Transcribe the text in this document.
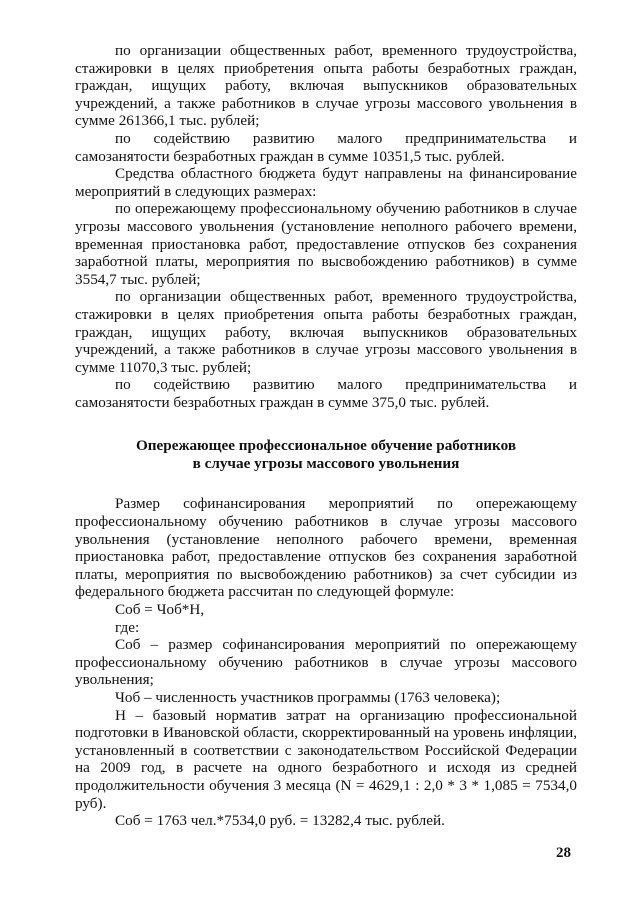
по организации общественных работ, временного трудоустройства, стажировки в целях приобретения опыта работы безработных граждан, граждан, ищущих работу, включая выпускников образовательных учреждений, а также работников в случае угрозы массового увольнения в сумме 261366,1 тыс. рублей;

по содействию развитию малого предпринимательства и самозанятости безработных граждан в сумме 10351,5 тыс. рублей.

Средства областного бюджета будут направлены на финансирование мероприятий в следующих размерах:

по опережающему профессиональному обучению работников в случае угрозы массового увольнения (установление неполного рабочего времени, временная приостановка работ, предоставление отпусков без сохранения заработной платы, мероприятия по высвобождению работников) в сумме 3554,7 тыс. рублей;

по организации общественных работ, временного трудоустройства, стажировки в целях приобретения опыта работы безработных граждан, граждан, ищущих работу, включая выпускников образовательных учреждений, а также работников в случае угрозы массового увольнения в сумме 11070,3 тыс. рублей;

по содействию развитию малого предпринимательства и самозанятости безработных граждан в сумме 375,0 тыс. рублей.

Опережающее профессиональное обучение работников
в случае угрозы массового увольнения

Размер софинансирования мероприятий по опережающему профессиональному обучению работников в случае угрозы массового увольнения (установление неполного рабочего времени, временная приостановка работ, предоставление отпусков без сохранения заработной платы, мероприятия по высвобождению работников) за счет субсидии из федерального бюджета рассчитан по следующей формуле:

Соб = Чоб*Н,

где:

Соб – размер софинансирования мероприятий по опережающему профессиональному обучению работников в случае угрозы массового увольнения;

Чоб – численность участников программы (1763 человека);

Н – базовый норматив затрат на организацию профессиональной подготовки в Ивановской области, скорректированный на уровень инфляции, установленный в соответствии с законодательством Российской Федерации на 2009 год, в расчете на одного безработного и исходя из средней продолжительности обучения 3 месяца (N = 4629,1 : 2,0 * 3 * 1,085 = 7534,0 руб).

Соб = 1763 чел.*7534,0 руб. = 13282,4 тыс. рублей.

28
